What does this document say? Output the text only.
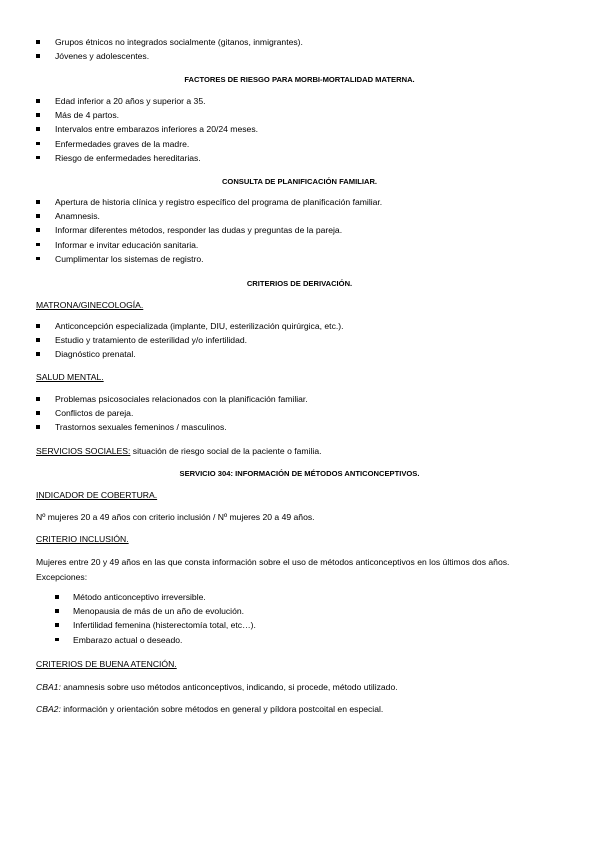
Grupos étnicos no integrados socialmente (gitanos, inmigrantes).
Jóvenes y adolescentes.
FACTORES DE RIESGO PARA MORBI-MORTALIDAD MATERNA.
Edad inferior a 20 años y superior a 35.
Más de 4 partos.
Intervalos entre embarazos inferiores a 20/24 meses.
Enfermedades graves de la madre.
Riesgo de enfermedades hereditarias.
CONSULTA DE PLANIFICACIÓN FAMILIAR.
Apertura de historia clínica y registro específico del programa de planificación familiar.
Anamnesis.
Informar diferentes métodos, responder las dudas y preguntas de la pareja.
Informar e invitar educación sanitaria.
Cumplimentar los sistemas de registro.
CRITERIOS DE DERIVACIÓN.
MATRONA/GINECOLOGÍA.
Anticoncepción especializada (implante, DIU, esterilización quirúrgica, etc.).
Estudio y tratamiento de esterilidad y/o infertilidad.
Diagnóstico prenatal.
SALUD MENTAL.
Problemas psicosociales relacionados con la planificación familiar.
Conflictos de pareja.
Trastornos sexuales femeninos / masculinos.
SERVICIOS SOCIALES: situación de riesgo social de la paciente o familia.
SERVICIO 304: INFORMACIÓN DE MÉTODOS ANTICONCEPTIVOS.
INDICADOR DE COBERTURA.
Nº mujeres 20 a 49 años con criterio inclusión / Nº mujeres 20 a 49 años.
CRITERIO INCLUSIÓN.
Mujeres entre 20 y 49 años en las que consta información sobre el uso de métodos anticonceptivos en los últimos dos años.
Excepciones:
Método anticonceptivo irreversible.
Menopausia de más de un año de evolución.
Infertilidad femenina (histerectomía total, etc…).
Embarazo actual o deseado.
CRITERIOS DE BUENA ATENCIÓN.
CBA1: anamnesis sobre uso métodos anticonceptivos, indicando, si procede, método utilizado.
CBA2: información y orientación sobre métodos en general y píldora postcoital en especial.
